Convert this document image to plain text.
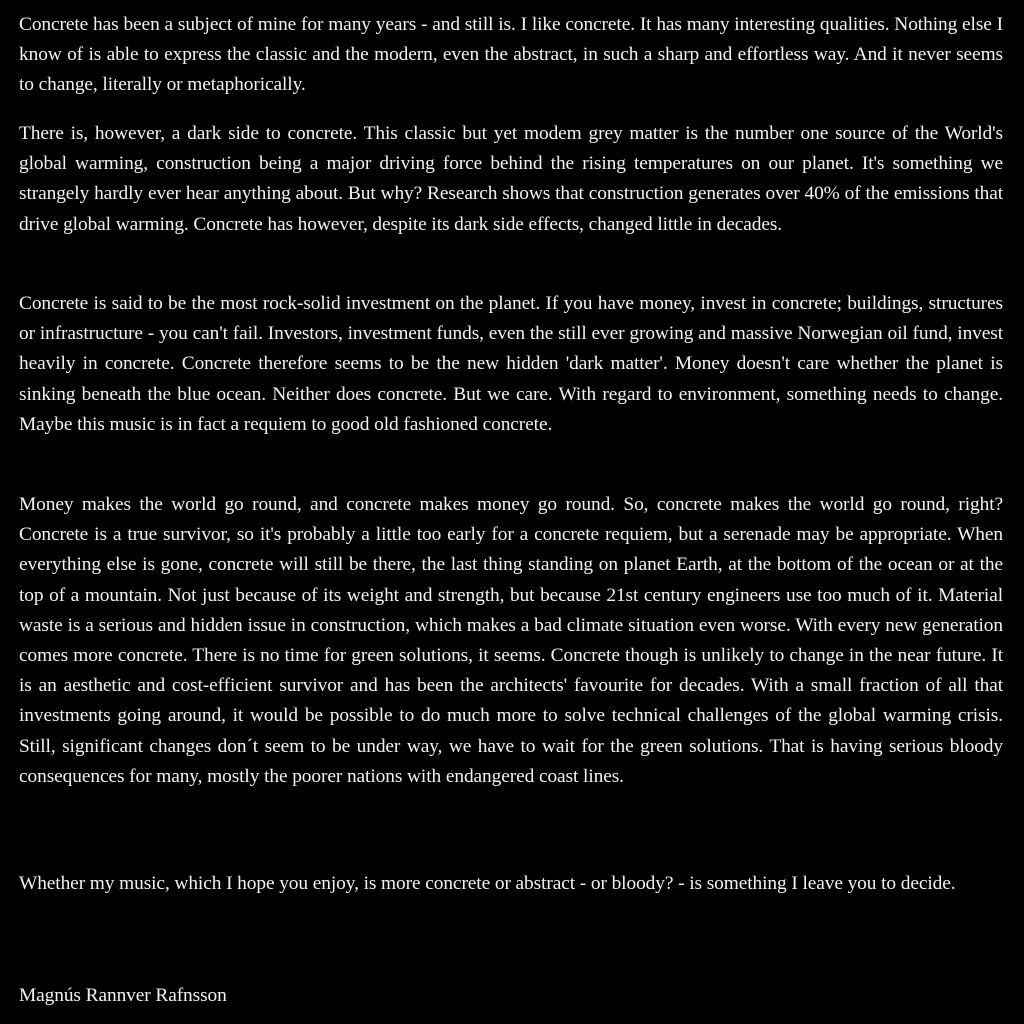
Concrete has been a subject of mine for many years - and still is. I like concrete. It has many interesting qualities. Nothing else I know of is able to express the classic and the modern, even the abstract, in such a sharp and effortless way. And it never seems to change, literally or metaphorically.

There is, however, a dark side to concrete. This classic but yet modem grey matter is the number one source of the World's global warming, construction being a major driving force behind the rising temperatures on our planet. It's something we strangely hardly ever hear anything about. But why? Research shows that construction generates over 40% of the emissions that drive global warming. Concrete has however, despite its dark side effects, changed little in decades.

Concrete is said to be the most rock-solid investment on the planet. If you have money, invest in concrete; buildings, structures or infrastructure - you can't fail. Investors, investment funds, even the still ever growing and massive Norwegian oil fund, invest heavily in concrete. Concrete therefore seems to be the new hidden 'dark matter'. Money doesn't care whether the planet is sinking beneath the blue ocean. Neither does concrete. But we care. With regard to environment, something needs to change. Maybe this music is in fact a requiem to good old fashioned concrete.

Money makes the world go round, and concrete makes money go round. So, concrete makes the world go round, right? Concrete is a true survivor, so it's probably a little too early for a concrete requiem, but a serenade may be appropriate. When everything else is gone, concrete will still be there, the last thing standing on planet Earth, at the bottom of the ocean or at the top of a mountain. Not just because of its weight and strength, but because 21st century engineers use too much of it. Material waste is a serious and hidden issue in construction, which makes a bad climate situation even worse. With every new generation comes more concrete. There is no time for green solutions, it seems. Concrete though is unlikely to change in the near future. It is an aesthetic and cost-efficient survivor and has been the architects' favourite for decades. With a small fraction of all that investments going around, it would be possible to do much more to solve technical challenges of the global warming crisis. Still, significant changes don´t seem to be under way, we have to wait for the green solutions. That is having serious bloody consequences for many, mostly the poorer nations with endangered coast lines.

Whether my music, which I hope you enjoy, is more concrete or abstract - or bloody? - is something I leave you to decide.

Magnús Rannver Rafnsson
